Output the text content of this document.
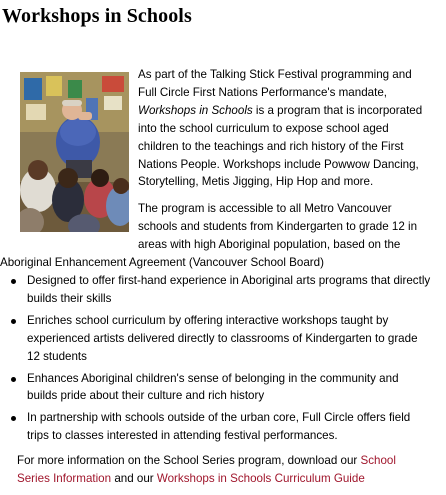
Workshops in Schools

As part of the Talking Stick Festival programming and Full Circle First Nations Performance's mandate, Workshops in Schools is a program that is incorporated into the school curriculum to expose school aged children to the teachings and rich history of the First Nations People. Workshops include Powwow Dancing, Storytelling, Metis Jigging, Hip Hop and more.

The program is accessible to all Metro Vancouver schools and students from Kindergarten to grade 12 in areas with high Aboriginal population, based on the Aboriginal Enhancement Agreement (Vancouver School Board)

Designed to offer first-hand experience in Aboriginal arts programs that directly builds their skills
Enriches school curriculum by offering interactive workshops taught by experienced artists delivered directly to classrooms of Kindergarten to grade 12 students
Enhances Aboriginal children's sense of belonging in the community and builds pride about their culture and rich history
In partnership with schools outside of the urban core, Full Circle offers field trips to classes interested in attending festival performances.

For more information on the School Series program, download our School Series Information and our Workshops in Schools Curriculum Guide
